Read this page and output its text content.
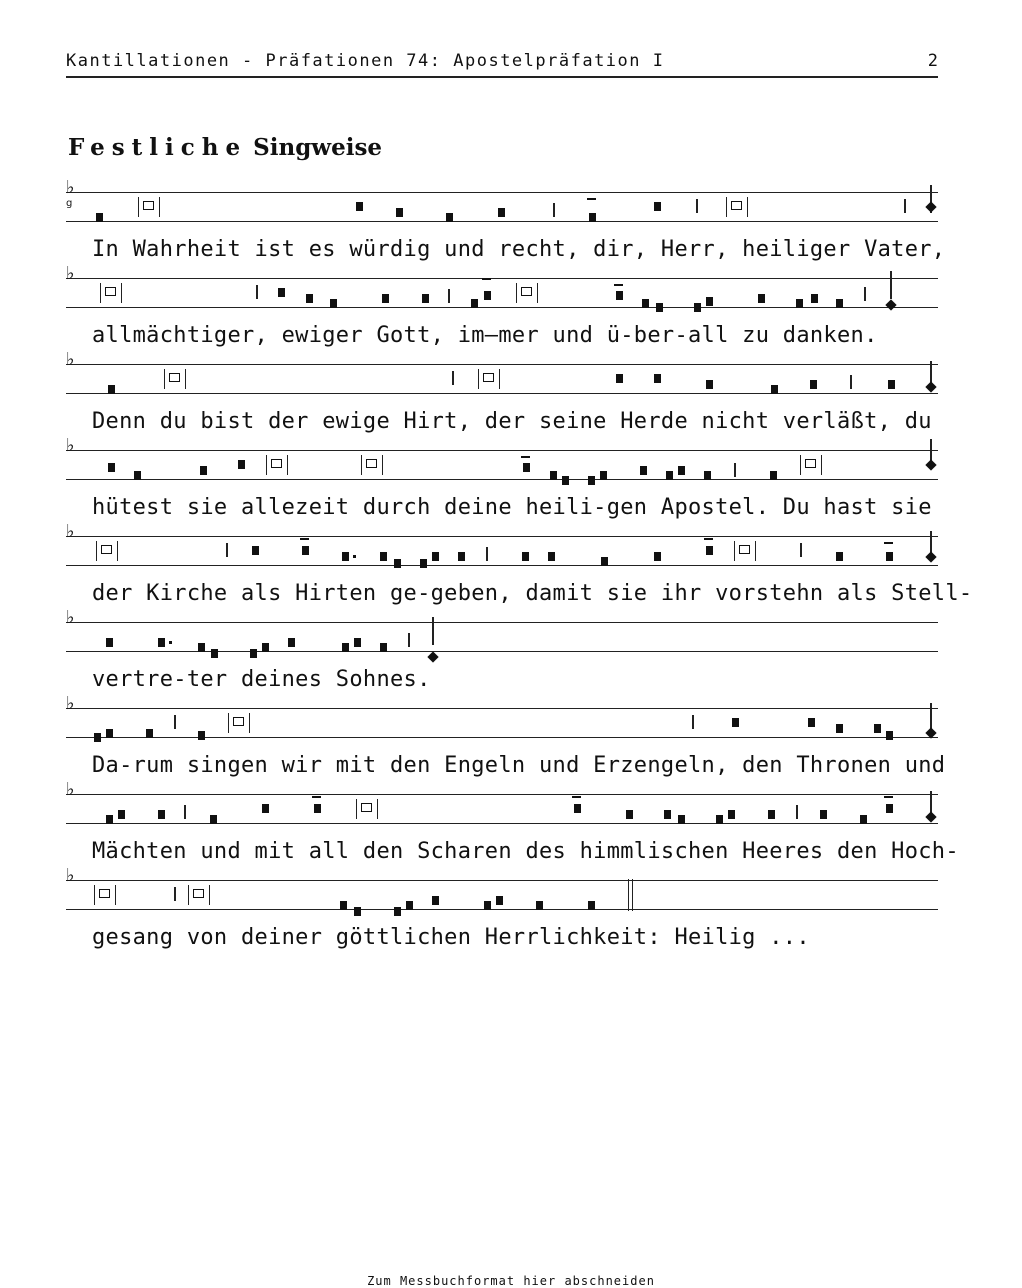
Kantillationen - Präfationen 74: Apostelpräfation I	2
Festliche Singweise
♭
g
In Wahrheit ist es würdig und recht, dir, Herr, heiliger Vater,
♭
allmächtiger, ewiger Gott, im—mer und ü-ber-all zu danken.
♭
Denn du bist der ewige Hirt, der seine Herde nicht verläßt, du
♭
hütest sie allezeit durch deine heili-gen Apostel. Du hast sie
♭
der Kirche als Hirten ge-geben, damit sie ihr vorstehn als Stell-
♭
vertre-ter deines Sohnes.
♭
Da-rum singen wir mit den Engeln und Erzengeln, den Thronen und
♭
Mächten und mit all den Scharen des himmlischen Heeres den Hoch-
♭
gesang von deiner göttlichen Herrlichkeit: Heilig ...
Zum Messbuchformat hier abschneiden
